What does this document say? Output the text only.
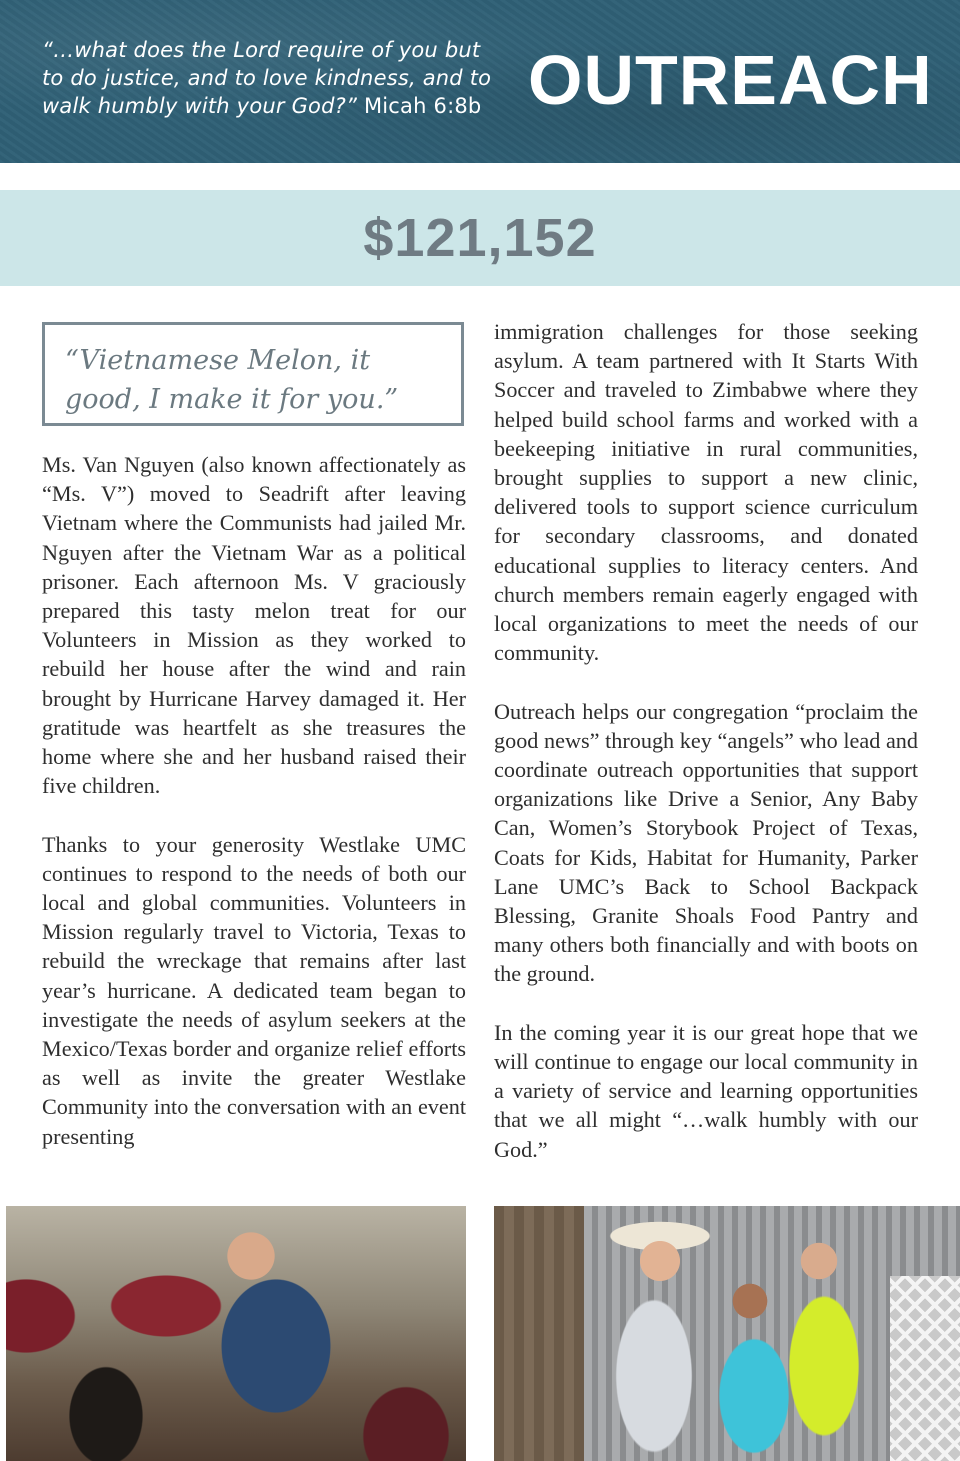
“…what does the Lord require of you but to do justice, and to love kindness, and to walk humbly with your God?” Micah 6:8b OUTREACH
$121,152
“Vietnamese Melon, it good, I make it for you.”

Ms. Van Nguyen (also known affectionately as “Ms. V”) moved to Seadrift after leaving Vietnam where the Communists had jailed Mr. Nguyen after the Vietnam War as a political prisoner. Each afternoon Ms. V graciously prepared this tasty melon treat for our Volunteers in Mission as they worked to rebuild her house after the wind and rain brought by Hurricane Harvey damaged it. Her gratitude was heartfelt as she treasures the home where she and her husband raised their five children.

Thanks to your generosity Westlake UMC continues to respond to the needs of both our local and global communities. Volunteers in Mission regularly travel to Victoria, Texas to rebuild the wreckage that remains after last year’s hurricane. A dedicated team began to investigate the needs of asylum seekers at the Mexico/Texas border and organize relief efforts as well as invite the greater Westlake Community into the conversation with an event presenting

immigration challenges for those seeking asylum. A team partnered with It Starts With Soccer and traveled to Zimbabwe where they helped build school farms and worked with a beekeeping initiative in rural communities, brought supplies to support a new clinic, delivered tools to support science curriculum for secondary classrooms, and donated educational supplies to literacy centers. And church members remain eagerly engaged with local organizations to meet the needs of our community.

Outreach helps our congregation “proclaim the good news” through key “angels” who lead and coordinate outreach opportunities that support organizations like Drive a Senior, Any Baby Can, Women’s Storybook Project of Texas, Coats for Kids, Habitat for Humanity, Parker Lane UMC’s Back to School Backpack Blessing, Granite Shoals Food Pantry and many others both financially and with boots on the ground.

In the coming year it is our great hope that we will continue to engage our local community in a variety of service and learning opportunities that we all might “…walk humbly with our God.”
